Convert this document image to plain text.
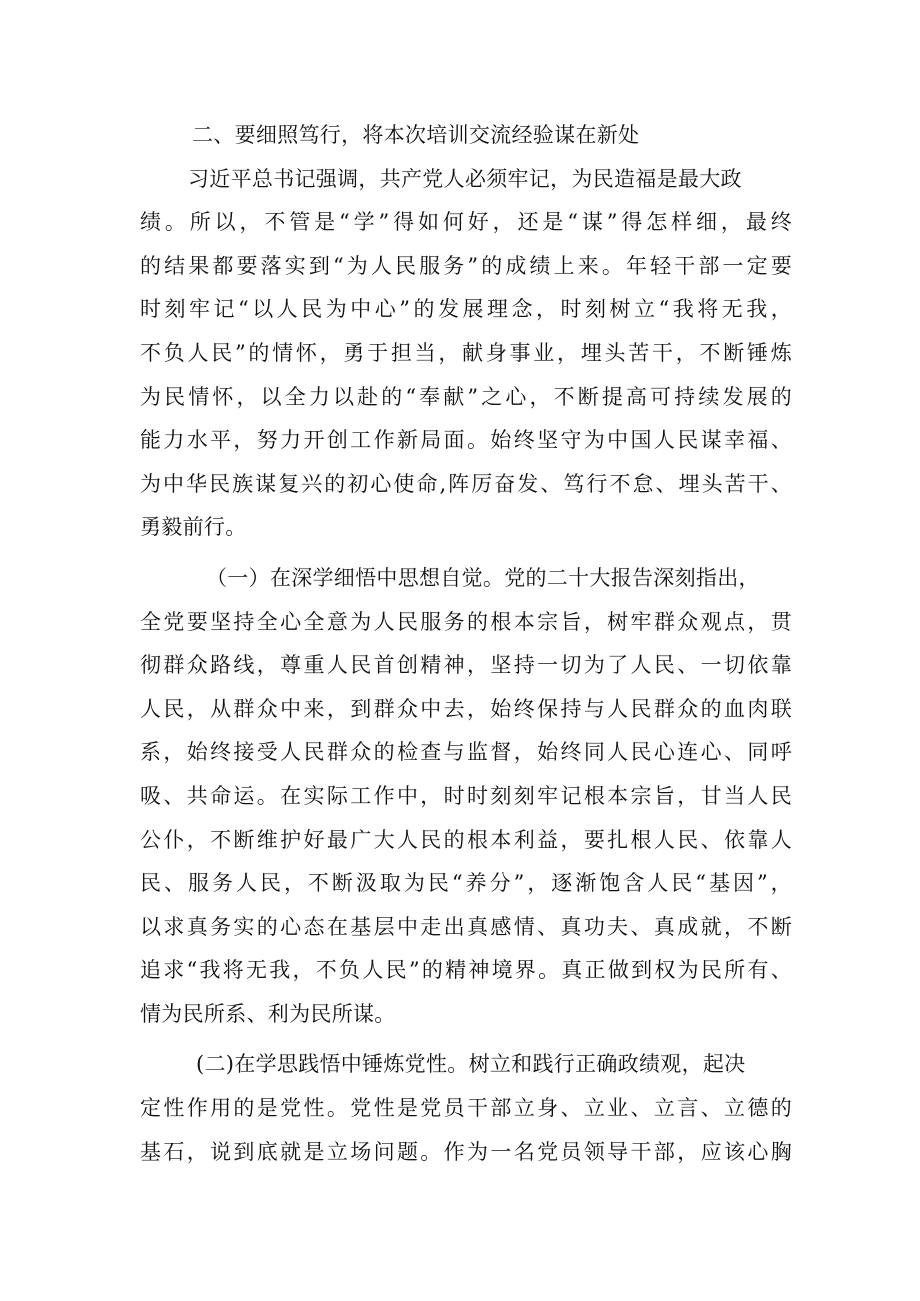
二、要细照笃行，将本次培训交流经验谋在新处
习近平总书记强调，共产党人必须牢记，为民造福是最大政
绩。所以，不管是“学”得如何好，还是“谋”得怎样细，最终
的结果都要落实到“为人民服务”的成绩上来。年轻干部一定要
时刻牢记“以人民为中心”的发展理念，时刻树立“我将无我，
不负人民”的情怀，勇于担当，献身事业，埋头苦干，不断锤炼
为民情怀，以全力以赴的“奉献”之心，不断提高可持续发展的
能力水平，努力开创工作新局面。始终坚守为中国人民谋幸福、
为中华民族谋复兴的初心使命,阵厉奋发、笃行不怠、埋头苦干、
勇毅前行。
（一）在深学细悟中思想自觉。党的二十大报告深刻指出，
全党要坚持全心全意为人民服务的根本宗旨，树牢群众观点，贯
彻群众路线，尊重人民首创精神，坚持一切为了人民、一切依靠
人民，从群众中来，到群众中去，始终保持与人民群众的血肉联
系，始终接受人民群众的检查与监督，始终同人民心连心、同呼
吸、共命运。在实际工作中，时时刻刻牢记根本宗旨，甘当人民
公仆，不断维护好最广大人民的根本利益，要扎根人民、依靠人
民、服务人民，不断汲取为民“养分”，逐渐饱含人民“基因”，
以求真务实的心态在基层中走出真感情、真功夫、真成就，不断
追求“我将无我，不负人民”的精神境界。真正做到权为民所有、
情为民所系、利为民所谋。
(二)在学思践悟中锤炼党性。树立和践行正确政绩观，起决
定性作用的是党性。党性是党员干部立身、立业、立言、立德的
基石，说到底就是立场问题。作为一名党员领导干部，应该心胸
